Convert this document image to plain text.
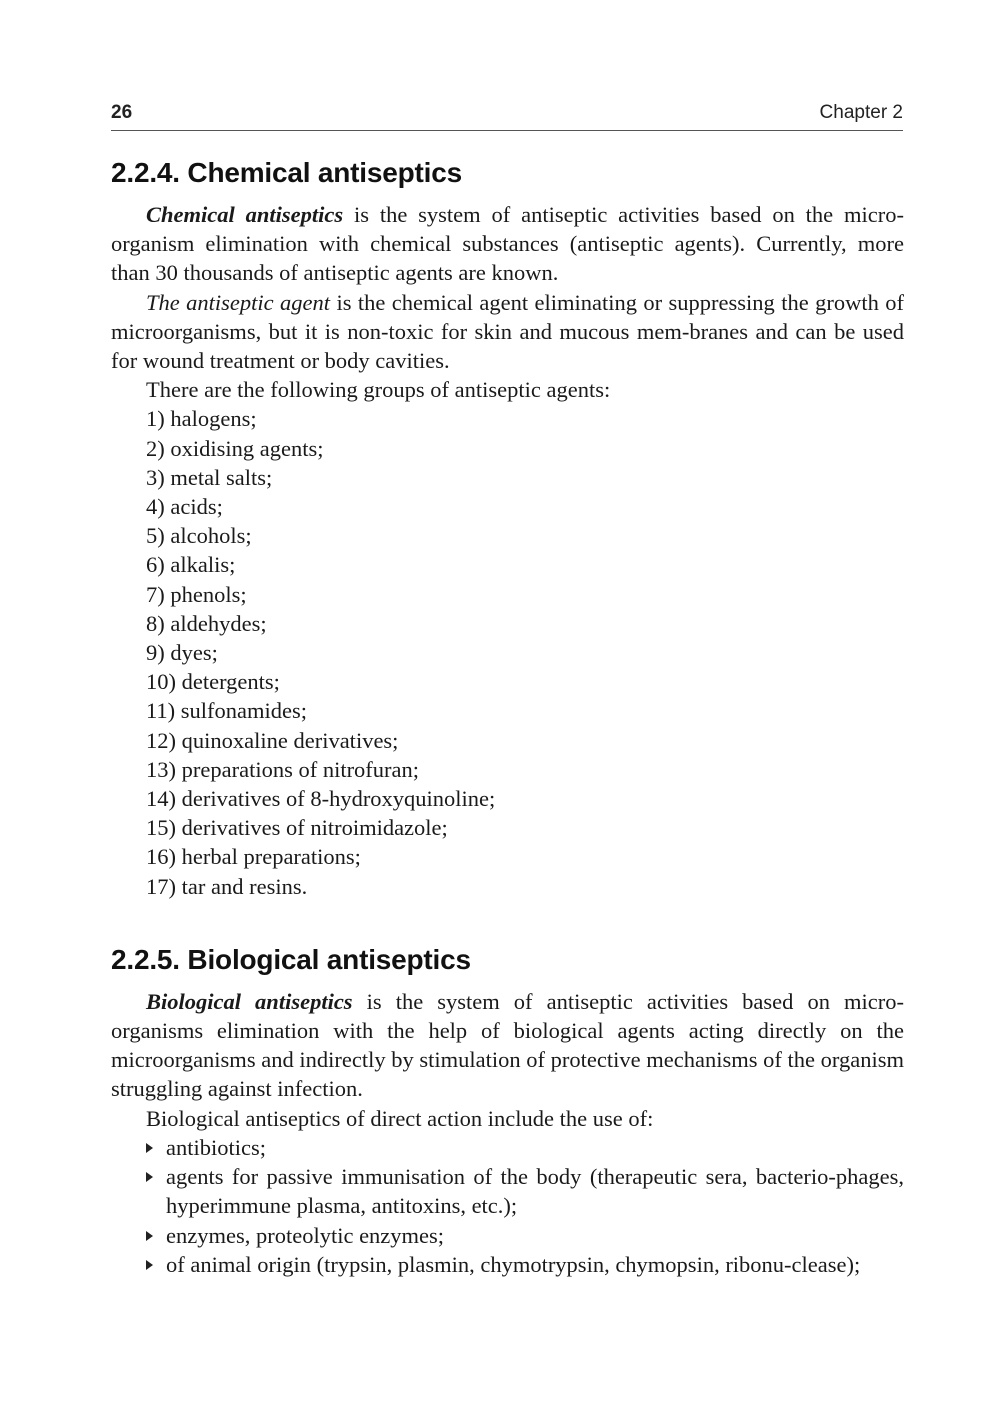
26	Chapter 2
2.2.4. Chemical antiseptics

Chemical antiseptics is the system of antiseptic activities based on the micro-organism elimination with chemical substances (antiseptic agents). Currently, more than 30 thousands of antiseptic agents are known.

The antiseptic agent is the chemical agent eliminating or suppressing the growth of microorganisms, but it is non-toxic for skin and mucous mem-branes and can be used for wound treatment or body cavities.

There are the following groups of antiseptic agents:

1) halogens;
2) oxidising agents;
3) metal salts;
4) acids;
5) alcohols;
6) alkalis;
7) phenols;
8) aldehydes;
9) dyes;
10) detergents;
11) sulfonamides;
12) quinoxaline derivatives;
13) preparations of nitrofuran;
14) derivatives of 8-hydroxyquinoline;
15) derivatives of nitroimidazole;
16) herbal preparations;
17) tar and resins.
2.2.5. Biological antiseptics

Biological antiseptics is the system of antiseptic activities based on micro-organisms elimination with the help of biological agents acting directly on the microorganisms and indirectly by stimulation of protective mechanisms of the organism struggling against infection.

Biological antiseptics of direct action include the use of:

antibiotics;
agents for passive immunisation of the body (therapeutic sera, bacterio-phages, hyperimmune plasma, antitoxins, etc.);
enzymes, proteolytic enzymes;
of animal origin (trypsin, plasmin, chymotrypsin, chymopsin, ribonu-clease);
